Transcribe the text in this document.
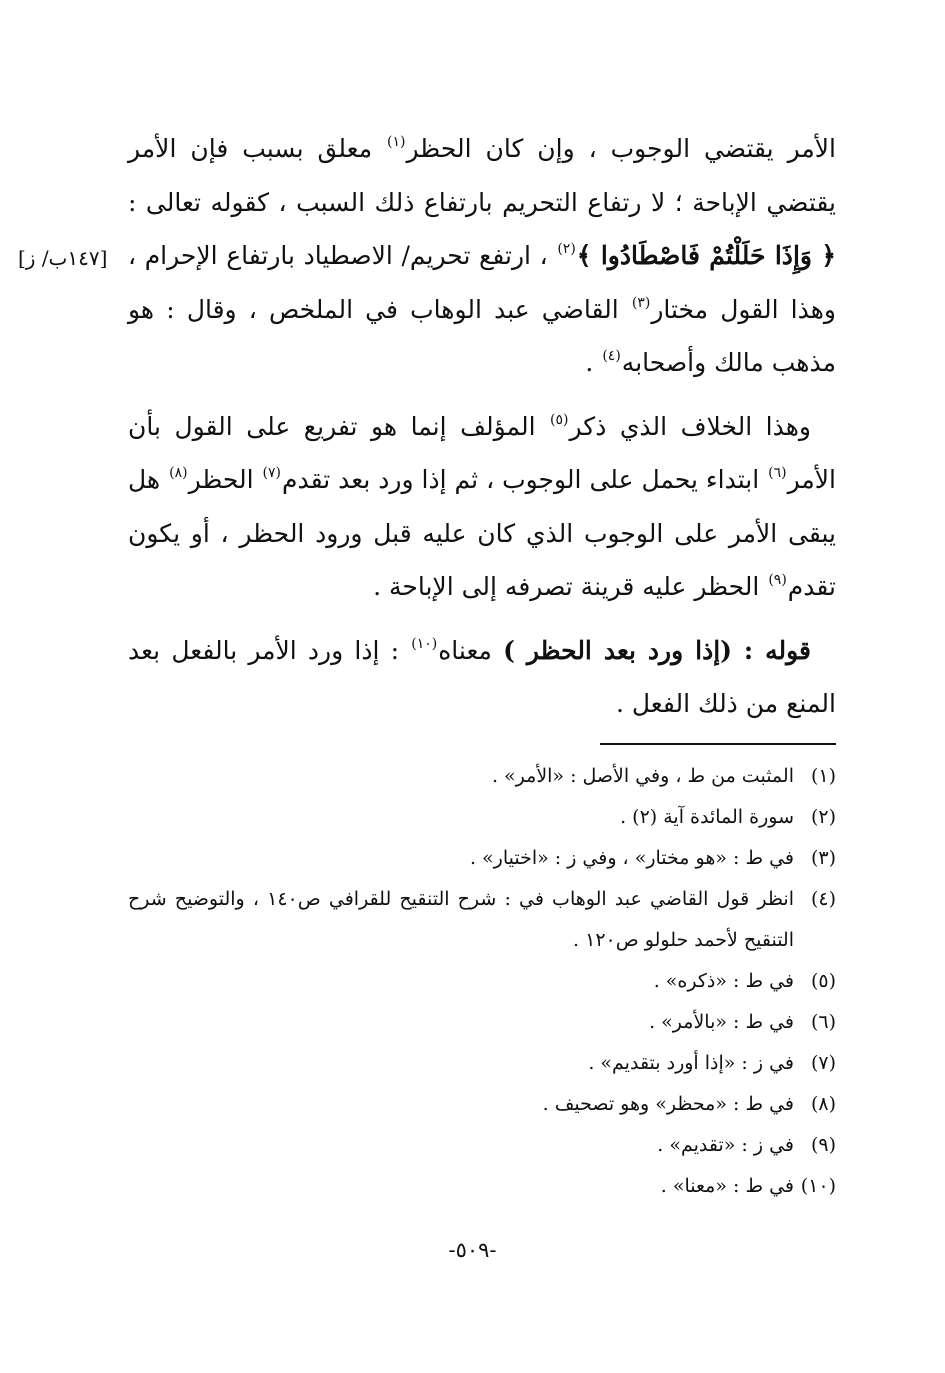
الأمر يقتضي الوجوب ، وإن كان الحظر$^{(١)}$ معلق بسبب فإن الأمر يقتضي الإباحة ؛ لا رتفاع التحريم بارتفاع ذلك السبب ، كقوله تعالى : ﴿ وَإِذَا حَلَلْتُمْ فَاصْطَادُوا ﴾$^{(٢)}$ ، ارتفع تحريم/ الاصطياد بارتفاع الإحرام ، وهذا القول مختار$^{(٣)}$ القاضي عبد الوهاب في الملخص ، وقال : هو مذهب مالك وأصحابه$^{(٤)}$ .

 وهذا الخلاف الذي ذكر$^{(٥)}$ المؤلف إنما هو تفريع على القول بأن الأمر$^{(٦)}$ ابتداء يحمل على الوجوب ، ثم إذا ورد بعد تقدم$^{(٧)}$ الحظر$^{(٨)}$ هل يبقى الأمر على الوجوب الذي كان عليه قبل ورود الحظر ، أو يكون تقدم$^{(٩)}$ الحظر عليه قرينة تصرفه إلى الإباحة .

 قوله : (إذا ورد بعد الحظر ) معناه$^{(١٠)}$ : إذا ورد الأمر بالفعل بعد المنع من ذلك الفعل .

[١٤٧ب/ ز]
(١)
المثبت من ط ، وفي الأصل : «الأمر» .
(٢)
سورة المائدة آية (٢) .
(٣)
في ط : «هو مختار» ، وفي ز : «اختيار» .
(٤)
انظر قول القاضي عبد الوهاب في : شرح التنقيح للقرافي ص١٤٠ ، والتوضيح شرح التنقيح لأحمد حلولو ص١٢٠ .
(٥)
في ط : «ذكره» .
(٦)
في ط : «بالأمر» .
(٧)
في ز : «إذا أورد بتقديم» .
(٨)
في ط : «محظر» وهو تصحيف .
(٩)
في ز : «تقديم» .
(١٠)
في ط : «معنا» .
-٥٠٩-
